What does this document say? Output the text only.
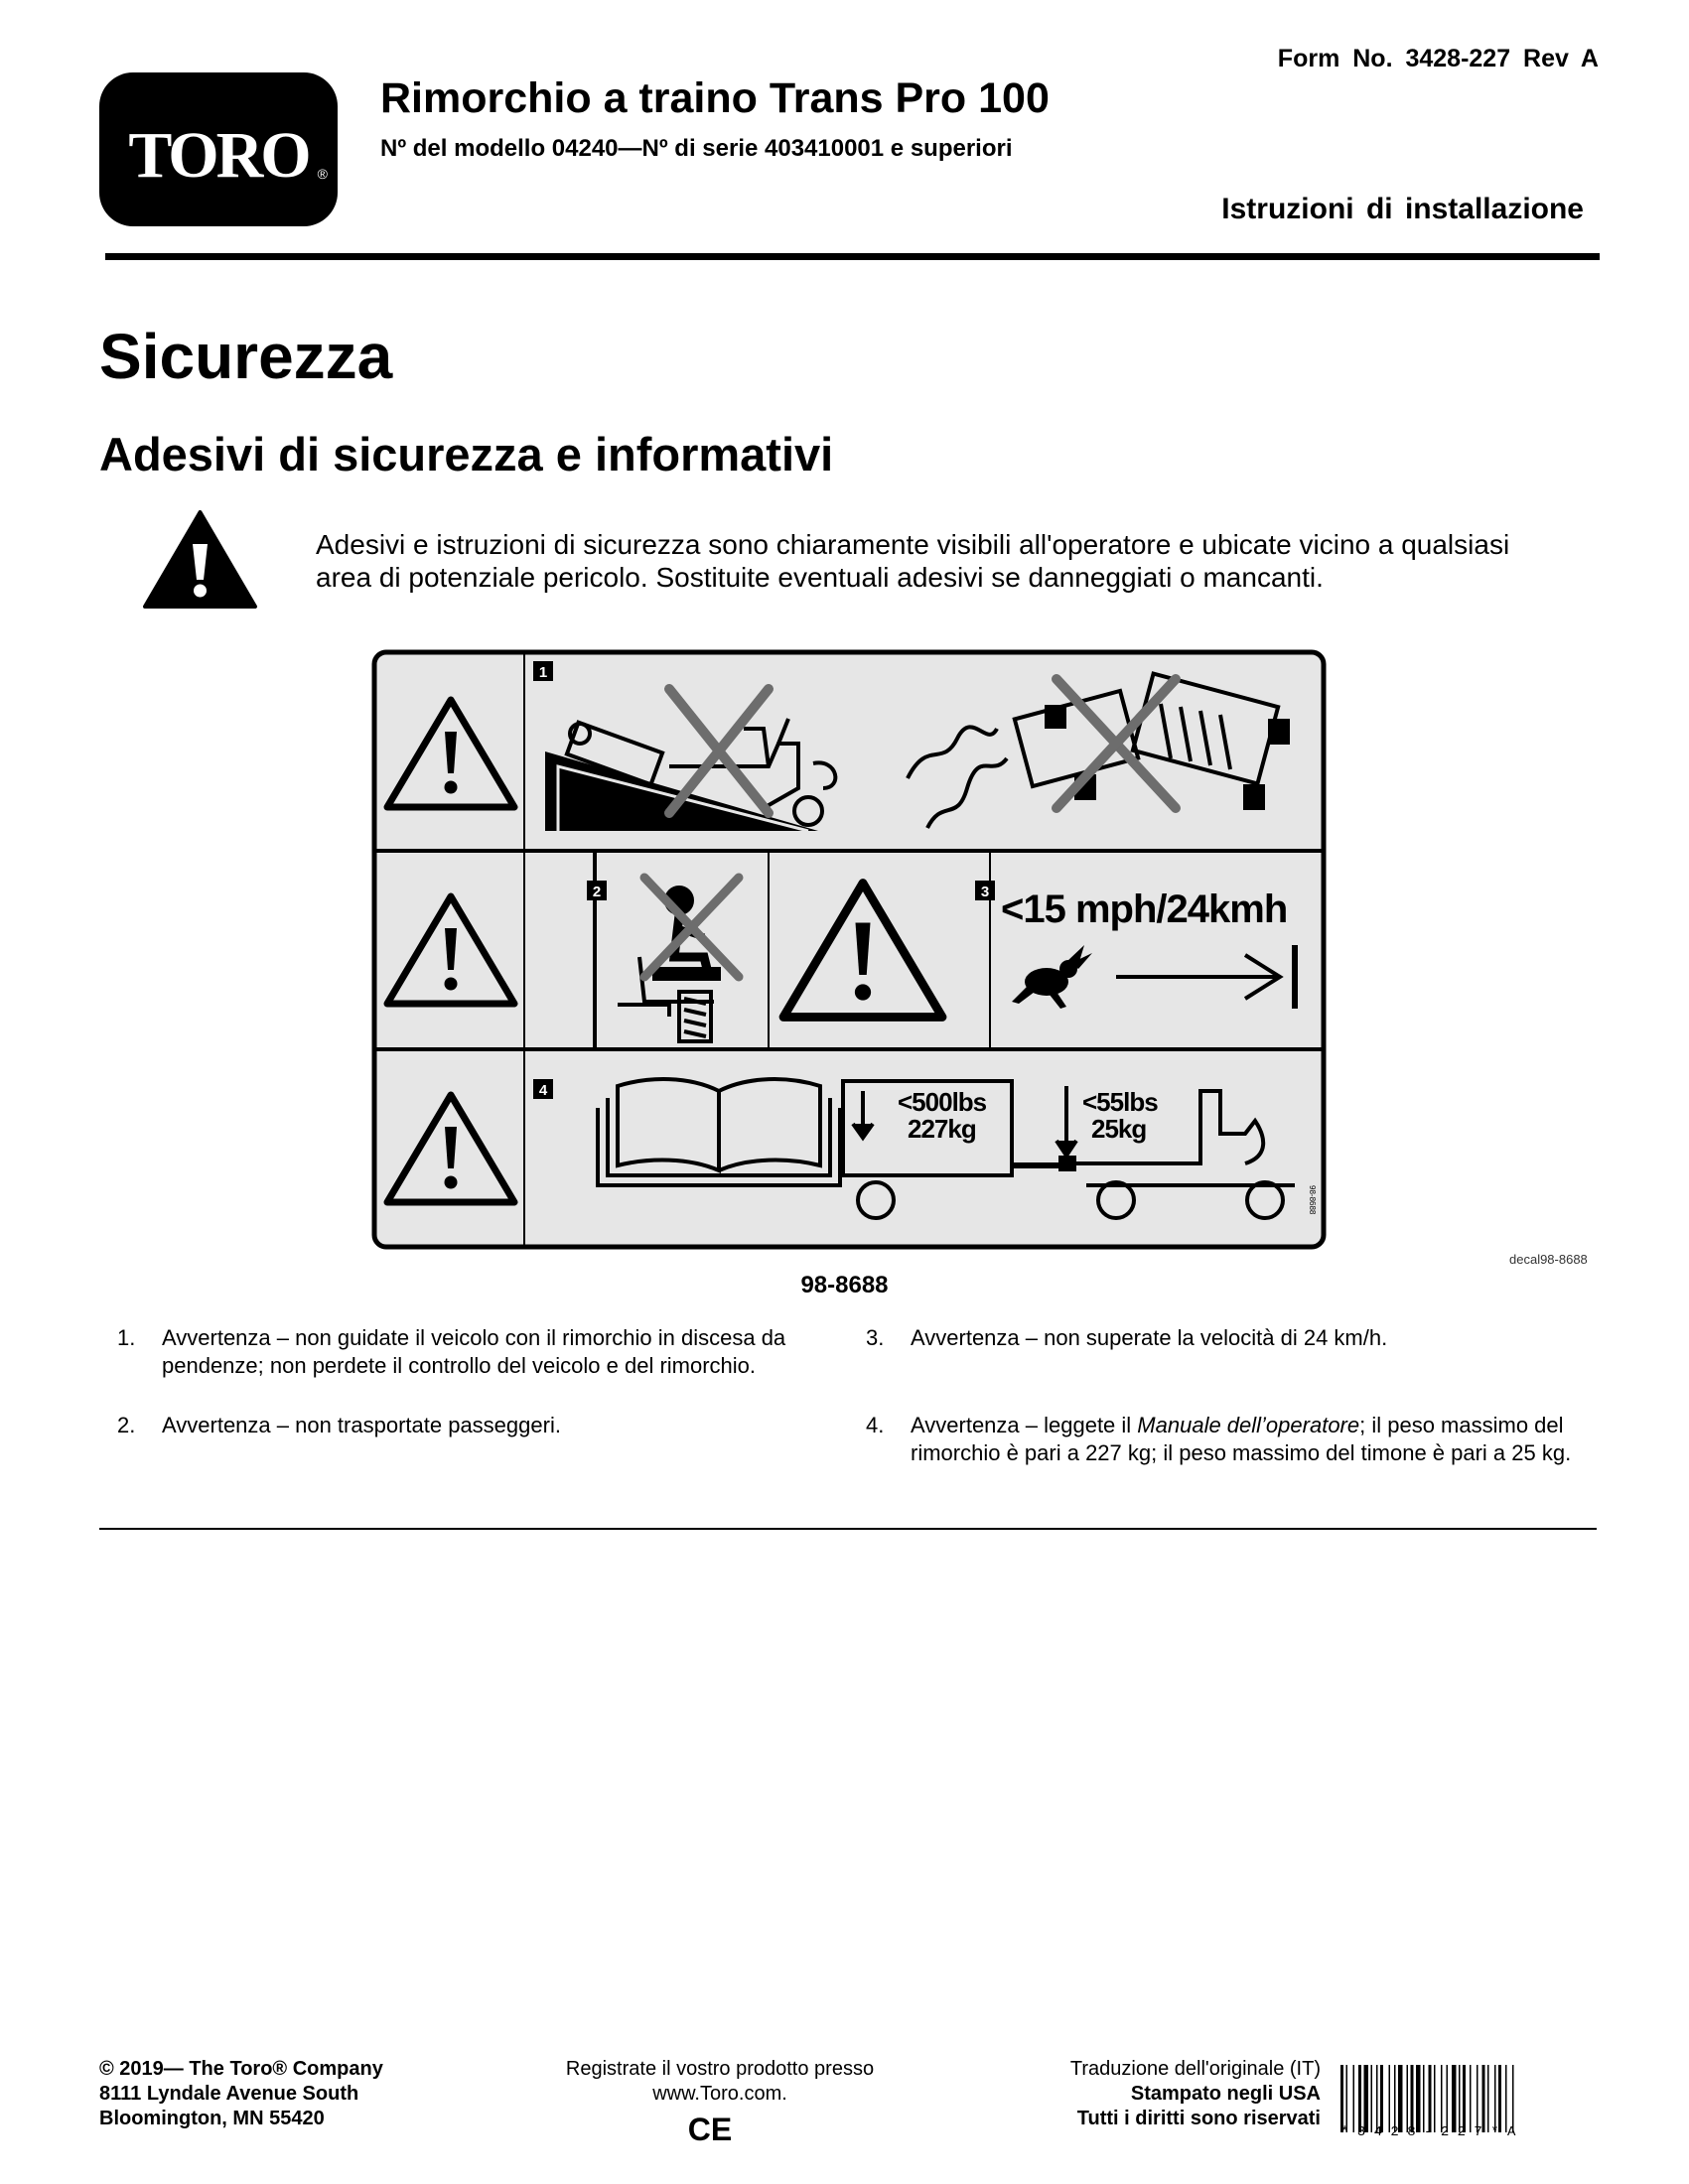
TORO ®
Rimorchio a traino Trans Pro 100
Nº del modello 04240—Nº di serie 403410001 e superiori
Form No. 3428-227 Rev A
Istruzioni di installazione
Sicurezza
Adesivi di sicurezza e informativi
Adesivi e istruzioni di sicurezza sono chiaramente visibili all'operatore e ubicate vicino a qualsiasi area di potenziale pericolo. Sostituite eventuali adesivi se danneggiati o mancanti.
1
2	3
4
<15 mph/24kmh
<500lbs
227kg
<55lbs
25kg
98-8688
decal98-8688
98-8688
1. Avvertenza – non guidate il veicolo con il rimorchio in discesa da pendenze; non perdete il controllo del veicolo e del rimorchio.
2. Avvertenza – non trasportate passeggeri.
3. Avvertenza – non superate la velocità di 24 km/h.
4. Avvertenza – leggete il Manuale dell’operatore; il peso massimo del rimorchio è pari a 227 kg; il peso massimo del timone è pari a 25 kg.
© 2019— The Toro® Company
8111 Lyndale Avenue South
Bloomington, MN 55420
Registrate il vostro prodotto presso
www.Toro.com.
CE
Traduzione dell'originale (IT)
Stampato negli USA
Tutti i diritti sono riservati
* 3 4 2 8 - 2 2 7 * A
